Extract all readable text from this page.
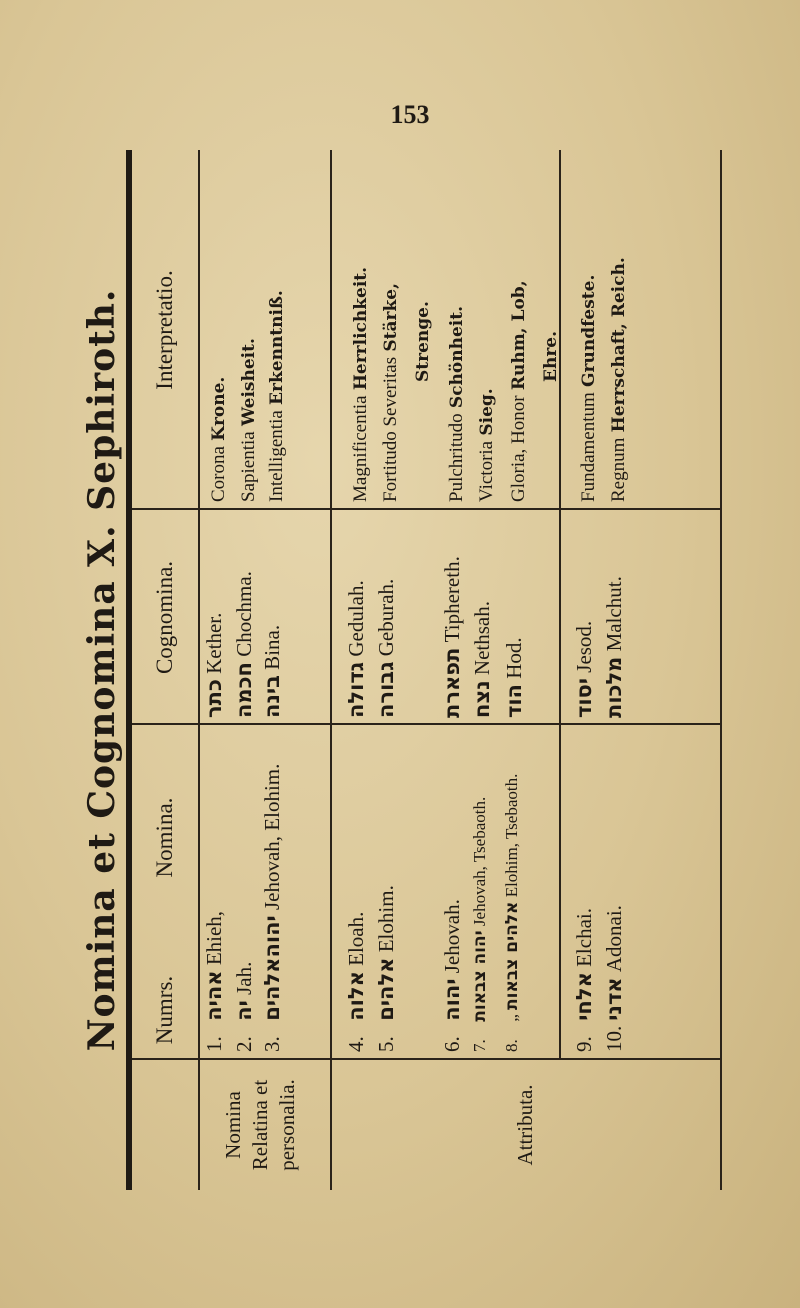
153
Nomina et Cognomina X. Sephiroth. Numrs.
Nomina.
Cognomina.
Interpretatio.
Nomina Relatina et personalia.	Attributa.
1. אהיה Ehieh,
כתר Kether.
Corona Krone.
2. יה Jah.
חכמה Chochma.
Sapientia Weisheit.
3. יהוהאלהים Jehovah, Elohim.
בינה Bina.
Intelligentia Erkenntniß.
4. אלוה Eloah.
גדולה Gedulah.
Magnificentia Herrlichkeit.
5. אלהים Elohim.
גבורה Geburah.
Fortitudo Severitas Stärke, Strenge.
6. יהוה Jehovah.
תפארת Tiphereth.
Pulchritudo Schönheit.
7. יהוה צבאות Jehovah, Tsebaoth.
נצח Nethsah.
Victoria Sieg.
8. „ אלהים צבאות Elohim, Tsebaoth.
הוד Hod.
Gloria, Honor Ruhm, Lob, Ehre.
9. אלחי Elchai.
יסוד Jesod.
Fundamentum Grundfeste.
10. אדני Adonai.
מלכות Malchut.
Regnum Herrschaft, Reich.
